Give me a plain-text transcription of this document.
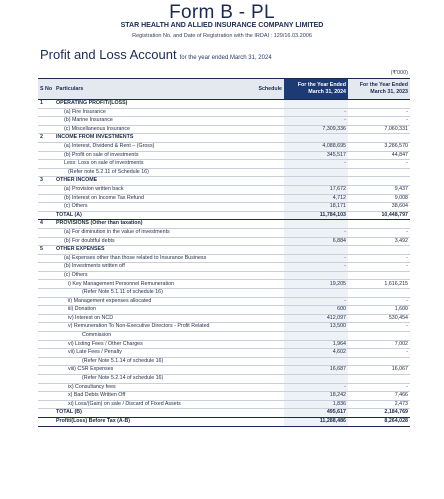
Form B - PL
STAR HEALTH AND ALLIED INSURANCE COMPANY LIMITED
Registration No. and Date of Registration with the IRDAI : 129/16.03.2006
Profit and Loss Account for the year ended March 31, 2024
(₹'000)
S No	Particulars	Schedule	For the Year Ended March 31, 2024	For the Year Ended March 31, 2023
1	OPERATING PROFIT/(LOSS)			
	(a) Fire Insurance		-	-
	(b) Marine Insurance		-	-
	(c) Miscellaneous Insurance		7,309,336	7,060,331
2	INCOME FROM INVESTMENTS			
	(a) Interest, Dividend & Rent – (Gross)		4,088,695	3,286,570
	(b) Profit on sale of investments		345,517	44,847
	Less: Loss on sale of investments		-	-
	(Refer note 5.2.11 of Schedule 16)			
3	OTHER INCOME			
	(a) Provision written back		17,672	9,437
	(b) Interest on Income Tax Refund		4,712	9,008
	(c) Others		18,171	38,604
	TOTAL (A)		11,784,103	10,448,797
4	PROVISIONS (Other than taxation)			
	(a) For diminution in the value of investments		-	-
	(b) For doubtful debts		6,884	3,492
5	OTHER EXPENSES			
	(a) Expenses other than those related to Insurance Business		-	-
	(b) Investments written off		-	-
	(c) Others			
	i) Key Management Personnel Remuneration		19,205	1,616,215
	(Refer Note 5.1.11 of schedule 16)			
	ii) Management expenses allocated		-	-
	iii) Donation		600	1,600
	iv) Interest on NCD		412,097	530,454
	v) Remuneration To Non-Executive Directors - Profit Related		13,500	-
	Commission			
	vi) Listing Fees / Other Charges		1,964	7,002
	vii) Late Fees / Penalty		4,602	-
	(Refer Note 5.1.14 of schedule 16)			
	viii) CSR Expenses		16,687	16,067
	(Refer Note 5.2.14 of schedule 16)			
	ix) Consultancy fees		-	-
	x) Bad Debts Written Off		18,242	7,466
	xi) Loss/(Gain) on sale / Discard of Fixed Assets		1,836	2,473
	TOTAL (B)		495,617	2,184,769
	Profit/(Loss) Before Tax (A-B)		11,288,486	8,264,028
